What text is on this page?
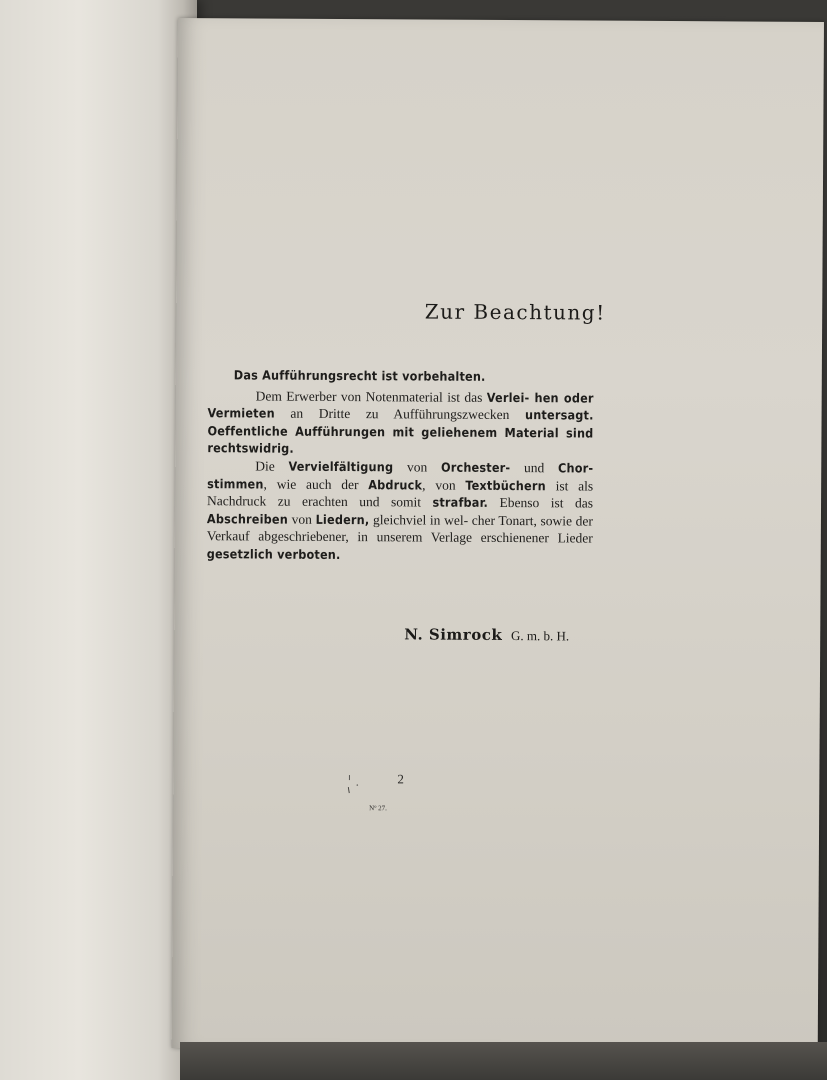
Zur Beachtung!

Das Aufführungsrecht ist vorbehalten.

Dem Erwerber von Notenmaterial ist das Verlei- hen oder Vermieten an Dritte zu Aufführungszwecken untersagt. Oeffentliche Aufführungen mit geliehenem Material sind rechtswidrig.

Die Vervielfältigung von Orchester- und Chor- stimmen, wie auch der Abdruck, von Textbüchern ist als Nachdruck zu erachten und somit strafbar. Ebenso ist das Abschreiben von Liedern, gleichviel in wel- cher Tonart, sowie der Verkauf abgeschriebener, in unserem Verlage erschienener Lieder gesetzlich verboten.

N. Simrock G. m. b. H.
2
Nº 27.
